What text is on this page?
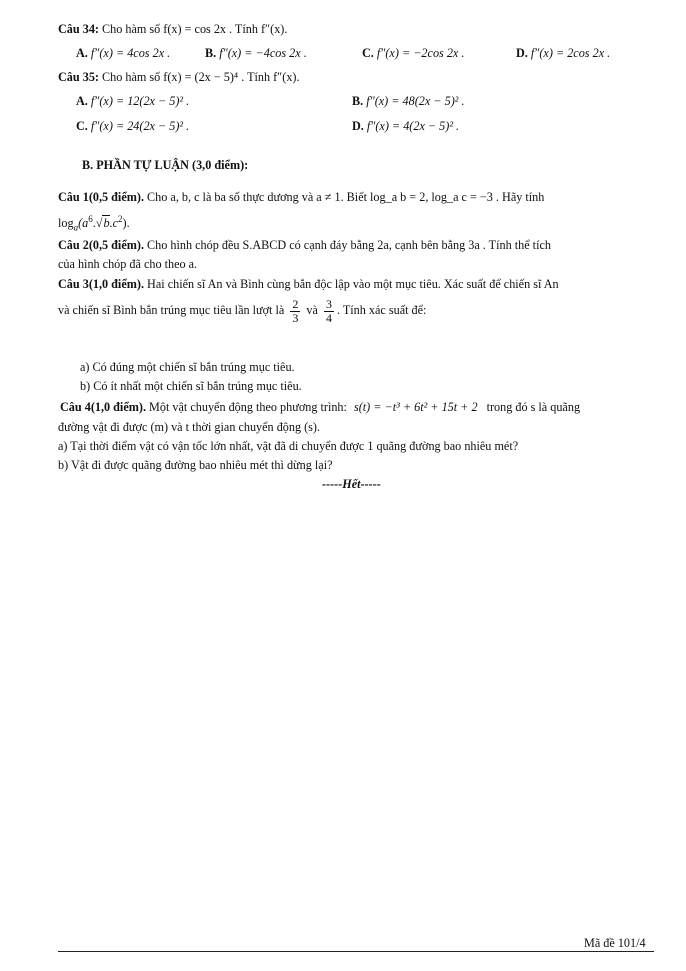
Câu 34: Cho hàm số f(x) = cos 2x . Tính f″(x).
A. f″(x) = 4cos 2x .	B. f″(x) = −4cos 2x .	C. f″(x) = −2cos 2x .	D. f″(x) = 2cos 2x .
Câu 35: Cho hàm số f(x) = (2x − 5)⁴ . Tính f″(x).
A. f″(x) = 12(2x − 5)² .	B. f″(x) = 48(2x − 5)² .
C. f″(x) = 24(2x − 5)² .	D. f″(x) = 4(2x − 5)² .
B. PHẦN TỰ LUẬN (3,0 điểm):
Câu 1(0,5 điểm). Cho a, b, c là ba số thực dương và a ≠ 1. Biết log_a b = 2, log_a c = −3 . Hãy tính
$\log_a(a^6.√b.c^2)$.
Câu 2(0,5 điểm). Cho hình chóp đều S.ABCD có cạnh đáy bằng 2a, cạnh bên bằng 3a . Tính thể tích
của hình chóp đã cho theo a.
Câu 3(1,0 điểm). Hai chiến sĩ An và Bình cùng bắn độc lập vào một mục tiêu. Xác suất để chiến sĩ An
và chiến sĩ Bình bắn trúng mục tiêu lần lượt là $\frac{2}{3}$ và $\frac{3}{4}$ . Tính xác suất để:
a) Có đúng một chiến sĩ bắn trúng mục tiêu.
b) Có ít nhất một chiến sĩ bắn trúng mục tiêu.
Câu 4(1,0 điểm). Một vật chuyển động theo phương trình: s(t) = −t³ + 6t² + 15t + 2 trong đó s là quãng
đường vật đi được (m) và t thời gian chuyển động (s).
a) Tại thời điểm vật có vận tốc lớn nhất, vật đã di chuyển được 1 quãng đường bao nhiêu mét?
b) Vật đi được quãng đường bao nhiêu mét thì dừng lại?
-----Hết-----
Mã đề 101/4
